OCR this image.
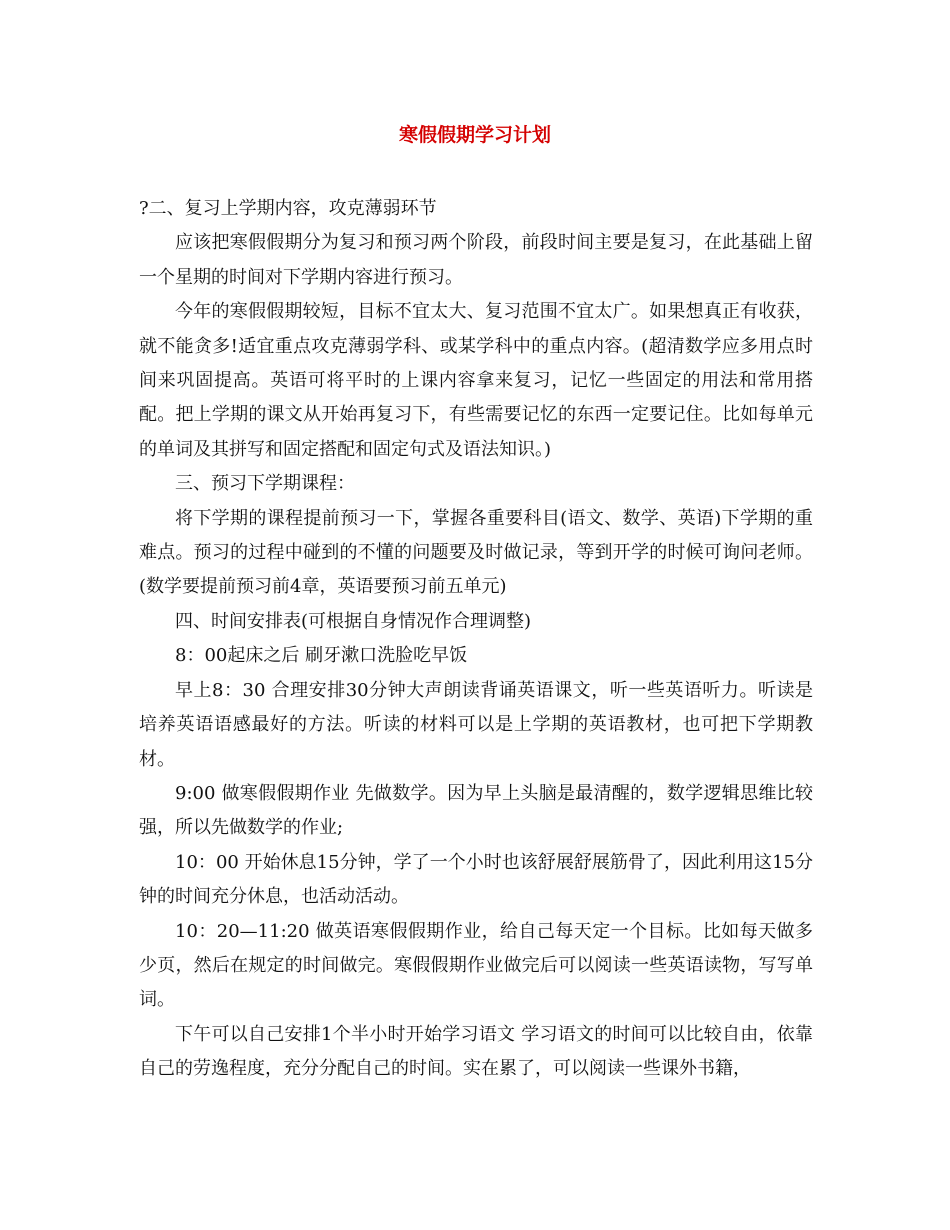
寒假假期学习计划

?二、复习上学期内容，攻克薄弱环节

应该把寒假假期分为复习和预习两个阶段，前段时间主要是复习，在此基础上留一个星期的时间对下学期内容进行预习。

今年的寒假假期较短，目标不宜太大、复习范围不宜太广。如果想真正有收获，就不能贪多!适宜重点攻克薄弱学科、或某学科中的重点内容。(超清数学应多用点时间来巩固提高。英语可将平时的上课内容拿来复习，记忆一些固定的用法和常用搭配。把上学期的课文从开始再复习下，有些需要记忆的东西一定要记住。比如每单元的单词及其拼写和固定搭配和固定句式及语法知识。)

三、预习下学期课程：

将下学期的课程提前预习一下，掌握各重要科目(语文、数学、英语)下学期的重难点。预习的过程中碰到的不懂的问题要及时做记录，等到开学的时候可询问老师。(数学要提前预习前4章，英语要预习前五单元)

四、时间安排表(可根据自身情况作合理调整)

8：00起床之后 刷牙漱口洗脸吃早饭

早上8：30 合理安排30分钟大声朗读背诵英语课文，听一些英语听力。听读是培养英语语感最好的方法。听读的材料可以是上学期的英语教材，也可把下学期教材。

9:00 做寒假假期作业 先做数学。因为早上头脑是最清醒的，数学逻辑思维比较强，所以先做数学的作业;

10：00 开始休息15分钟，学了一个小时也该舒展舒展筋骨了，因此利用这15分钟的时间充分休息，也活动活动。

10：20—11:20 做英语寒假假期作业，给自己每天定一个目标。比如每天做多少页，然后在规定的时间做完。寒假假期作业做完后可以阅读一些英语读物，写写单词。

下午可以自己安排1个半小时开始学习语文 学习语文的时间可以比较自由，依靠自己的劳逸程度，充分分配自己的时间。实在累了，可以阅读一些课外书籍，
